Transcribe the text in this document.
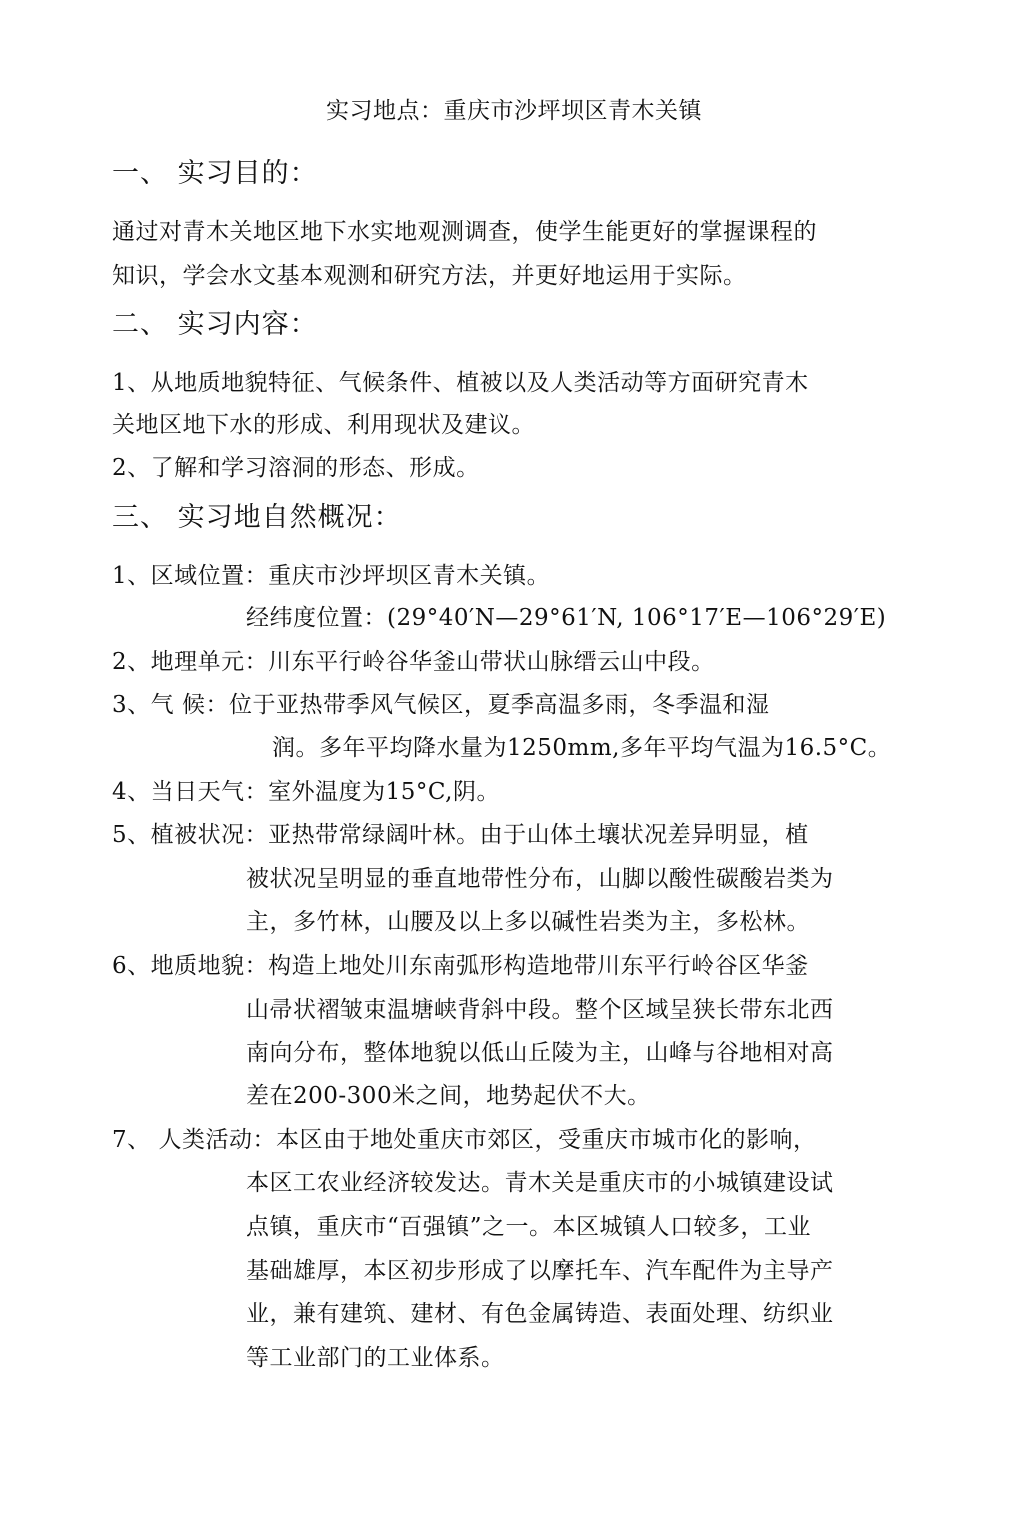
实习地点：重庆市沙坪坝区青木关镇
一、 实习目的：
通过对青木关地区地下水实地观测调查，使学生能更好的掌握课程的
知识，学会水文基本观测和研究方法，并更好地运用于实际。
二、 实习内容：
1、从地质地貌特征、气候条件、植被以及人类活动等方面研究青木
关地区地下水的形成、利用现状及建议。
2、了解和学习溶洞的形态、形成。
三、 实习地自然概况：
1、区域位置：重庆市沙坪坝区青木关镇。
经纬度位置：(29°40′N—29°61′N, 106°17′E—106°29′E)
2、地理单元：川东平行岭谷华釜山带状山脉缙云山中段。
3、气 候：位于亚热带季风气候区，夏季高温多雨，冬季温和湿
润。多年平均降水量为1250mm,多年平均气温为16.5°C。
4、当日天气：室外温度为15°C,阴。
5、植被状况：亚热带常绿阔叶林。由于山体土壤状况差异明显，植
被状况呈明显的垂直地带性分布，山脚以酸性碳酸岩类为
主，多竹林，山腰及以上多以碱性岩类为主，多松林。
6、地质地貌：构造上地处川东南弧形构造地带川东平行岭谷区华釜
山帚状褶皱束温塘峡背斜中段。整个区域呈狭长带东北西
南向分布，整体地貌以低山丘陵为主，山峰与谷地相对高
差在200-300米之间，地势起伏不大。
7、 人类活动：本区由于地处重庆市郊区，受重庆市城市化的影响，
本区工农业经济较发达。青木关是重庆市的小城镇建设试
点镇，重庆市“百强镇”之一。本区城镇人口较多，工业
基础雄厚，本区初步形成了以摩托车、汽车配件为主导产
业，兼有建筑、建材、有色金属铸造、表面处理、纺织业
等工业部门的工业体系。
